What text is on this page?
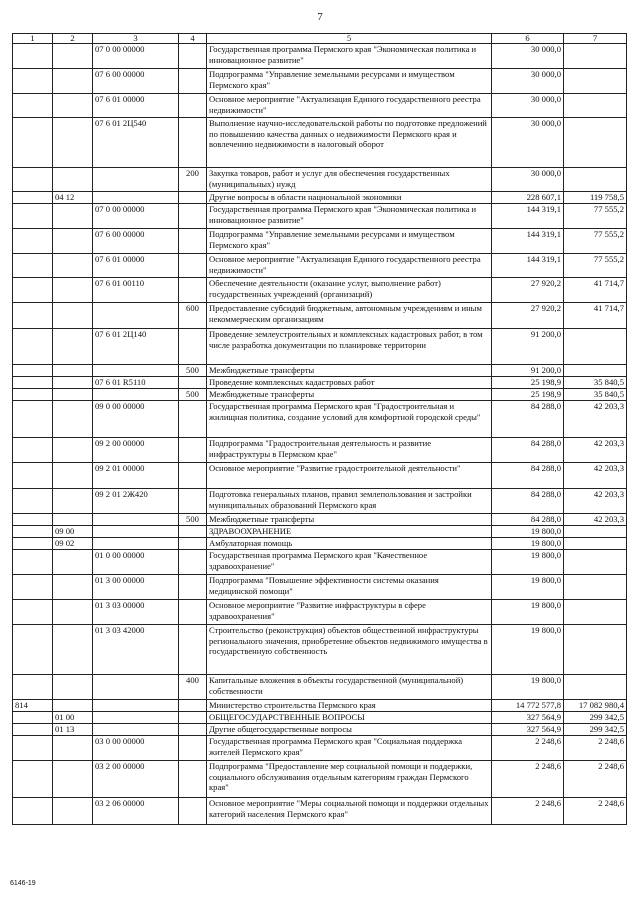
7
1	2	3	4	5	6	7
		07 0 00 00000		Государственная программа Пермского края "Экономическая политика и инновационное развитие"	30 000,0	
		07 6 00 00000		Подпрограмма "Управление земельными ресурсами и имуществом Пермского края"	30 000,0	
		07 6 01 00000		Основное мероприятие "Актуализация Единого государственного реестра недвижимости"	30 000,0	
		07 6 01 2Ц540		Выполнение научно-исследовательской работы по подготовке предложений по повышению качества данных о недвижимости Пермского края и вовлечению недвижимости в налоговый оборот	30 000,0	
			200	Закупка товаров, работ и услуг для обеспечения государственных (муниципальных) нужд	30 000,0	
	04 12			Другие вопросы в области национальной экономики	228 607,1	119 758,5
		07 0 00 00000		Государственная программа Пермского края "Экономическая политика и инновационное развитие"	144 319,1	77 555,2
		07 6 00 00000		Подпрограмма "Управление земельными ресурсами и имуществом Пермского края"	144 319,1	77 555,2
		07 6 01 00000		Основное мероприятие "Актуализация Единого государственного реестра недвижимости"	144 319,1	77 555,2
		07 6 01 00110		Обеспечение деятельности (оказание услуг, выполнение работ) государственных учреждений (организаций)	27 920,2	41 714,7
			600	Предоставление субсидий бюджетным, автономным учреждениям и иным некоммерческим организациям	27 920,2	41 714,7
		07 6 01 2Ц140		Проведение землеустроительных и комплексных кадастровых работ, в том числе разработка документации по планировке территории	91 200,0	
			500	Межбюджетные трансферты	91 200,0	
		07 6 01 R5110		Проведение комплексных кадастровых работ	25 198,9	35 840,5
			500	Межбюджетные трансферты	25 198,9	35 840,5
		09 0 00 00000		Государственная программа Пермского края "Градостроительная и жилищная политика, создание условий для комфортной городской среды"	84 288,0	42 203,3
		09 2 00 00000		Подпрограмма "Градостроительная деятельность и развитие инфраструктуры в Пермском крае"	84 288,0	42 203,3
		09 2 01 00000		Основное мероприятие "Развитие градостроительной деятельности"	84 288,0	42 203,3
		09 2 01 2Ж420		Подготовка генеральных планов, правил землепользования и застройки муниципальных образований Пермского края	84 288,0	42 203,3
			500	Межбюджетные трансферты	84 288,0	42 203,3
	09 00			ЗДРАВООХРАНЕНИЕ	19 800,0	
	09 02			Амбулаторная помощь	19 800,0	
		01 0 00 00000		Государственная программа Пермского края "Качественное здравоохранение"	19 800,0	
		01 3 00 00000		Подпрограмма "Повышение эффективности системы оказания медицинской помощи"	19 800,0	
		01 3 03 00000		Основное мероприятие "Развитие инфраструктуры в сфере здравоохранения"	19 800,0	
		01 3 03 42000		Строительство (реконструкция) объектов общественной инфраструктуры регионального значения, приобретение объектов недвижимого имущества в государственную собственность	19 800,0	
			400	Капитальные вложения в объекты государственной (муниципальной) собственности	19 800,0	
814				Министерство строительства Пермского края	14 772 577,8	17 082 980,4
	01 00			ОБЩЕГОСУДАРСТВЕННЫЕ ВОПРОСЫ	327 564,9	299 342,5
	01 13			Другие общегосударственные вопросы	327 564,9	299 342,5
		03 0 00 00000		Государственная программа Пермского края "Социальная поддержка жителей Пермского края"	2 248,6	2 248,6
		03 2 00 00000		Подпрограмма "Предоставление мер социальной помощи и поддержки, социального обслуживания отдельным категориям граждан Пермского края"	2 248,6	2 248,6
		03 2 06 00000		Основное мероприятие "Меры социальной помощи и поддержки отдельных категорий населения Пермского края"	2 248,6	2 248,6
6146-19
